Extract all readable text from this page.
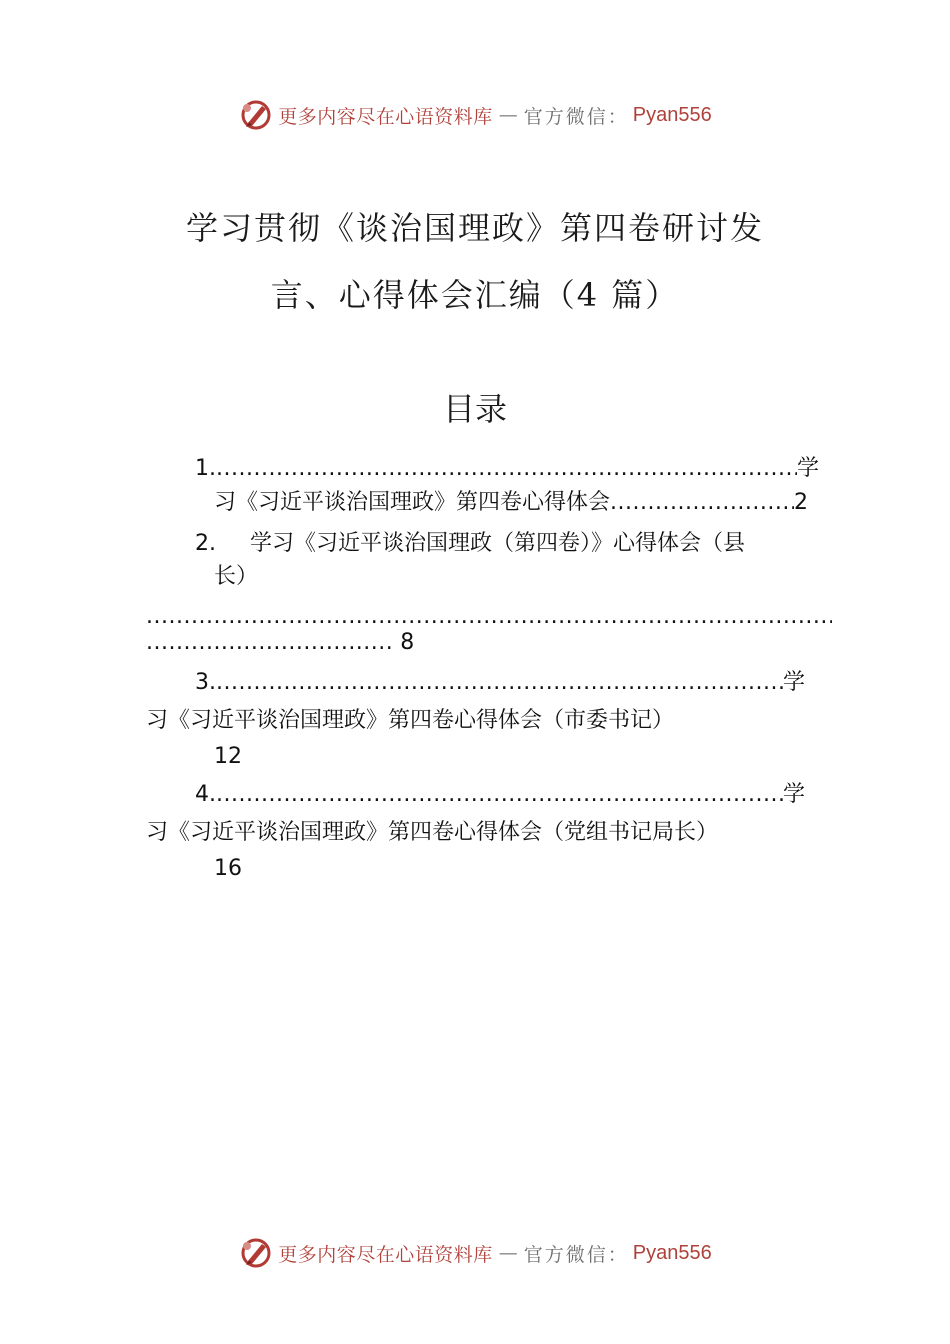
更多内容尽在心语资料库 — 官方微信： Pyan556
学习贯彻《谈治国理政》第四卷研讨发
言、心得体会汇编（4 篇）
目录
1. .....	学
习《习近平谈治国理政》第四卷心得体会 .....	2
2. 学习《习近平谈治国理政（第四卷）》心得体会（县
长）
.....
................................. 8
3. .....	学
习《习近平谈治国理政》第四卷心得体会（市委书记）
12
4. .....	学
习《习近平谈治国理政》第四卷心得体会（党组书记局长）
16
更多内容尽在心语资料库 — 官方微信： Pyan556
